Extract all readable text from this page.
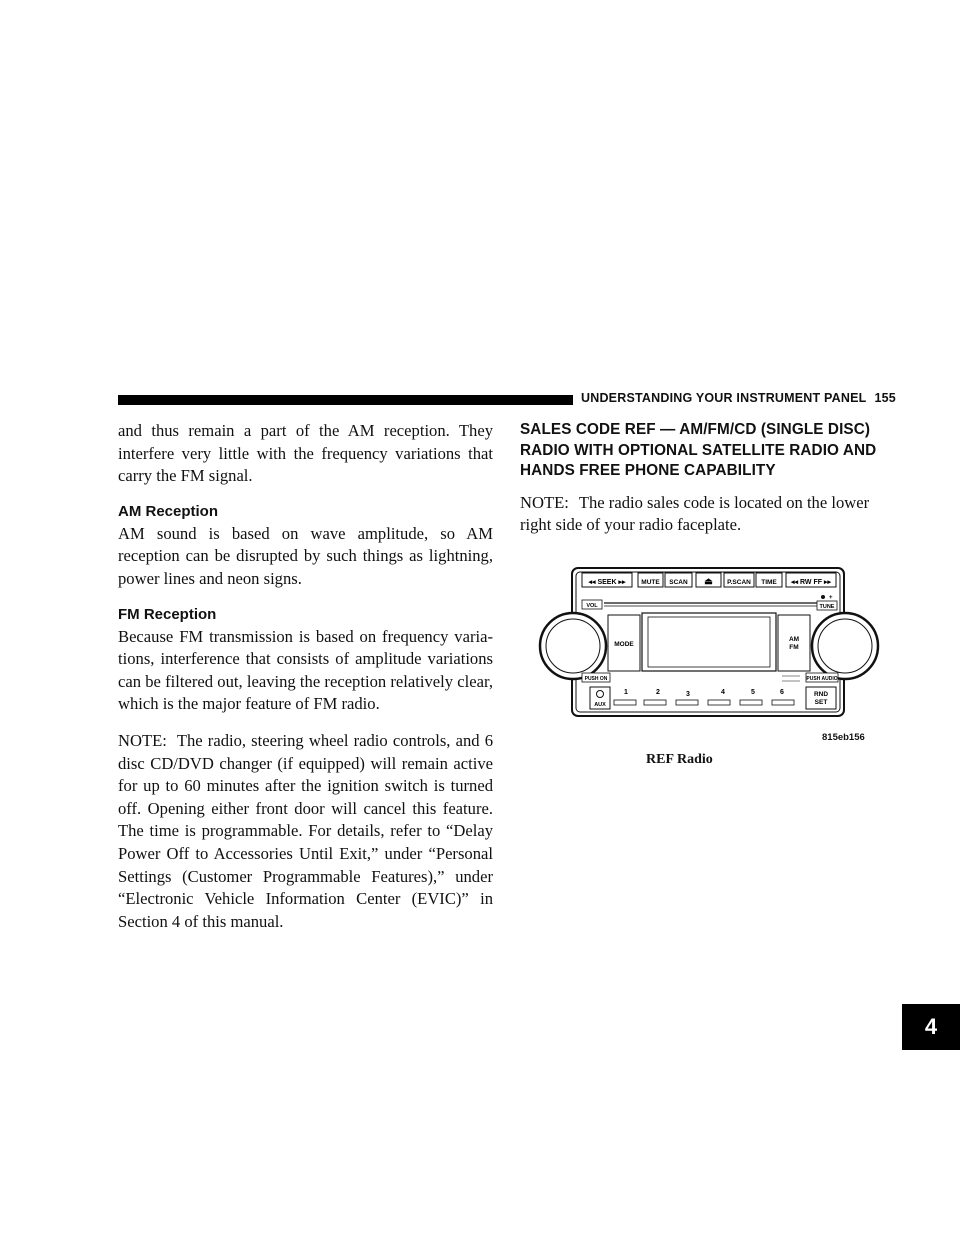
UNDERSTANDING YOUR INSTRUMENT PANEL 155

and thus remain a part of the AM reception. They interfere very little with the frequency variations that carry the FM signal.

AM Reception

AM sound is based on wave amplitude, so AM reception can be disrupted by such things as lightning, power lines and neon signs.

FM Reception

Because FM transmission is based on frequency varia- tions, interference that consists of amplitude variations can be filtered out, leaving the reception relatively clear, which is the major feature of FM radio.

NOTE: The radio, steering wheel radio controls, and 6 disc CD/DVD changer (if equipped) will remain active for up to 60 minutes after the ignition switch is turned off. Opening either front door will cancel this feature. The time is programmable. For details, refer to “Delay Power Off to Accessories Until Exit,” under “Personal Settings (Customer Programmable Features),” under “Electronic Vehicle Information Center (EVIC)” in Section 4 of this manual.

SALES CODE REF — AM/FM/CD (SINGLE DISC) RADIO WITH OPTIONAL SATELLITE RADIO AND HANDS FREE PHONE CAPABILITY

NOTE: The radio sales code is located on the lower right side of your radio faceplate.

◂◂ SEEK ▸▸ MUTE SCAN ⏏ P.SCAN TIME ◂◂ RW FF ▸▸
+
VOL	TUNE
MODE
AM
FM
PUSH ON	PUSH AUDIO
AUX
1	2	3	4	5	6	RND
SET
815eb156
REF Radio
4
